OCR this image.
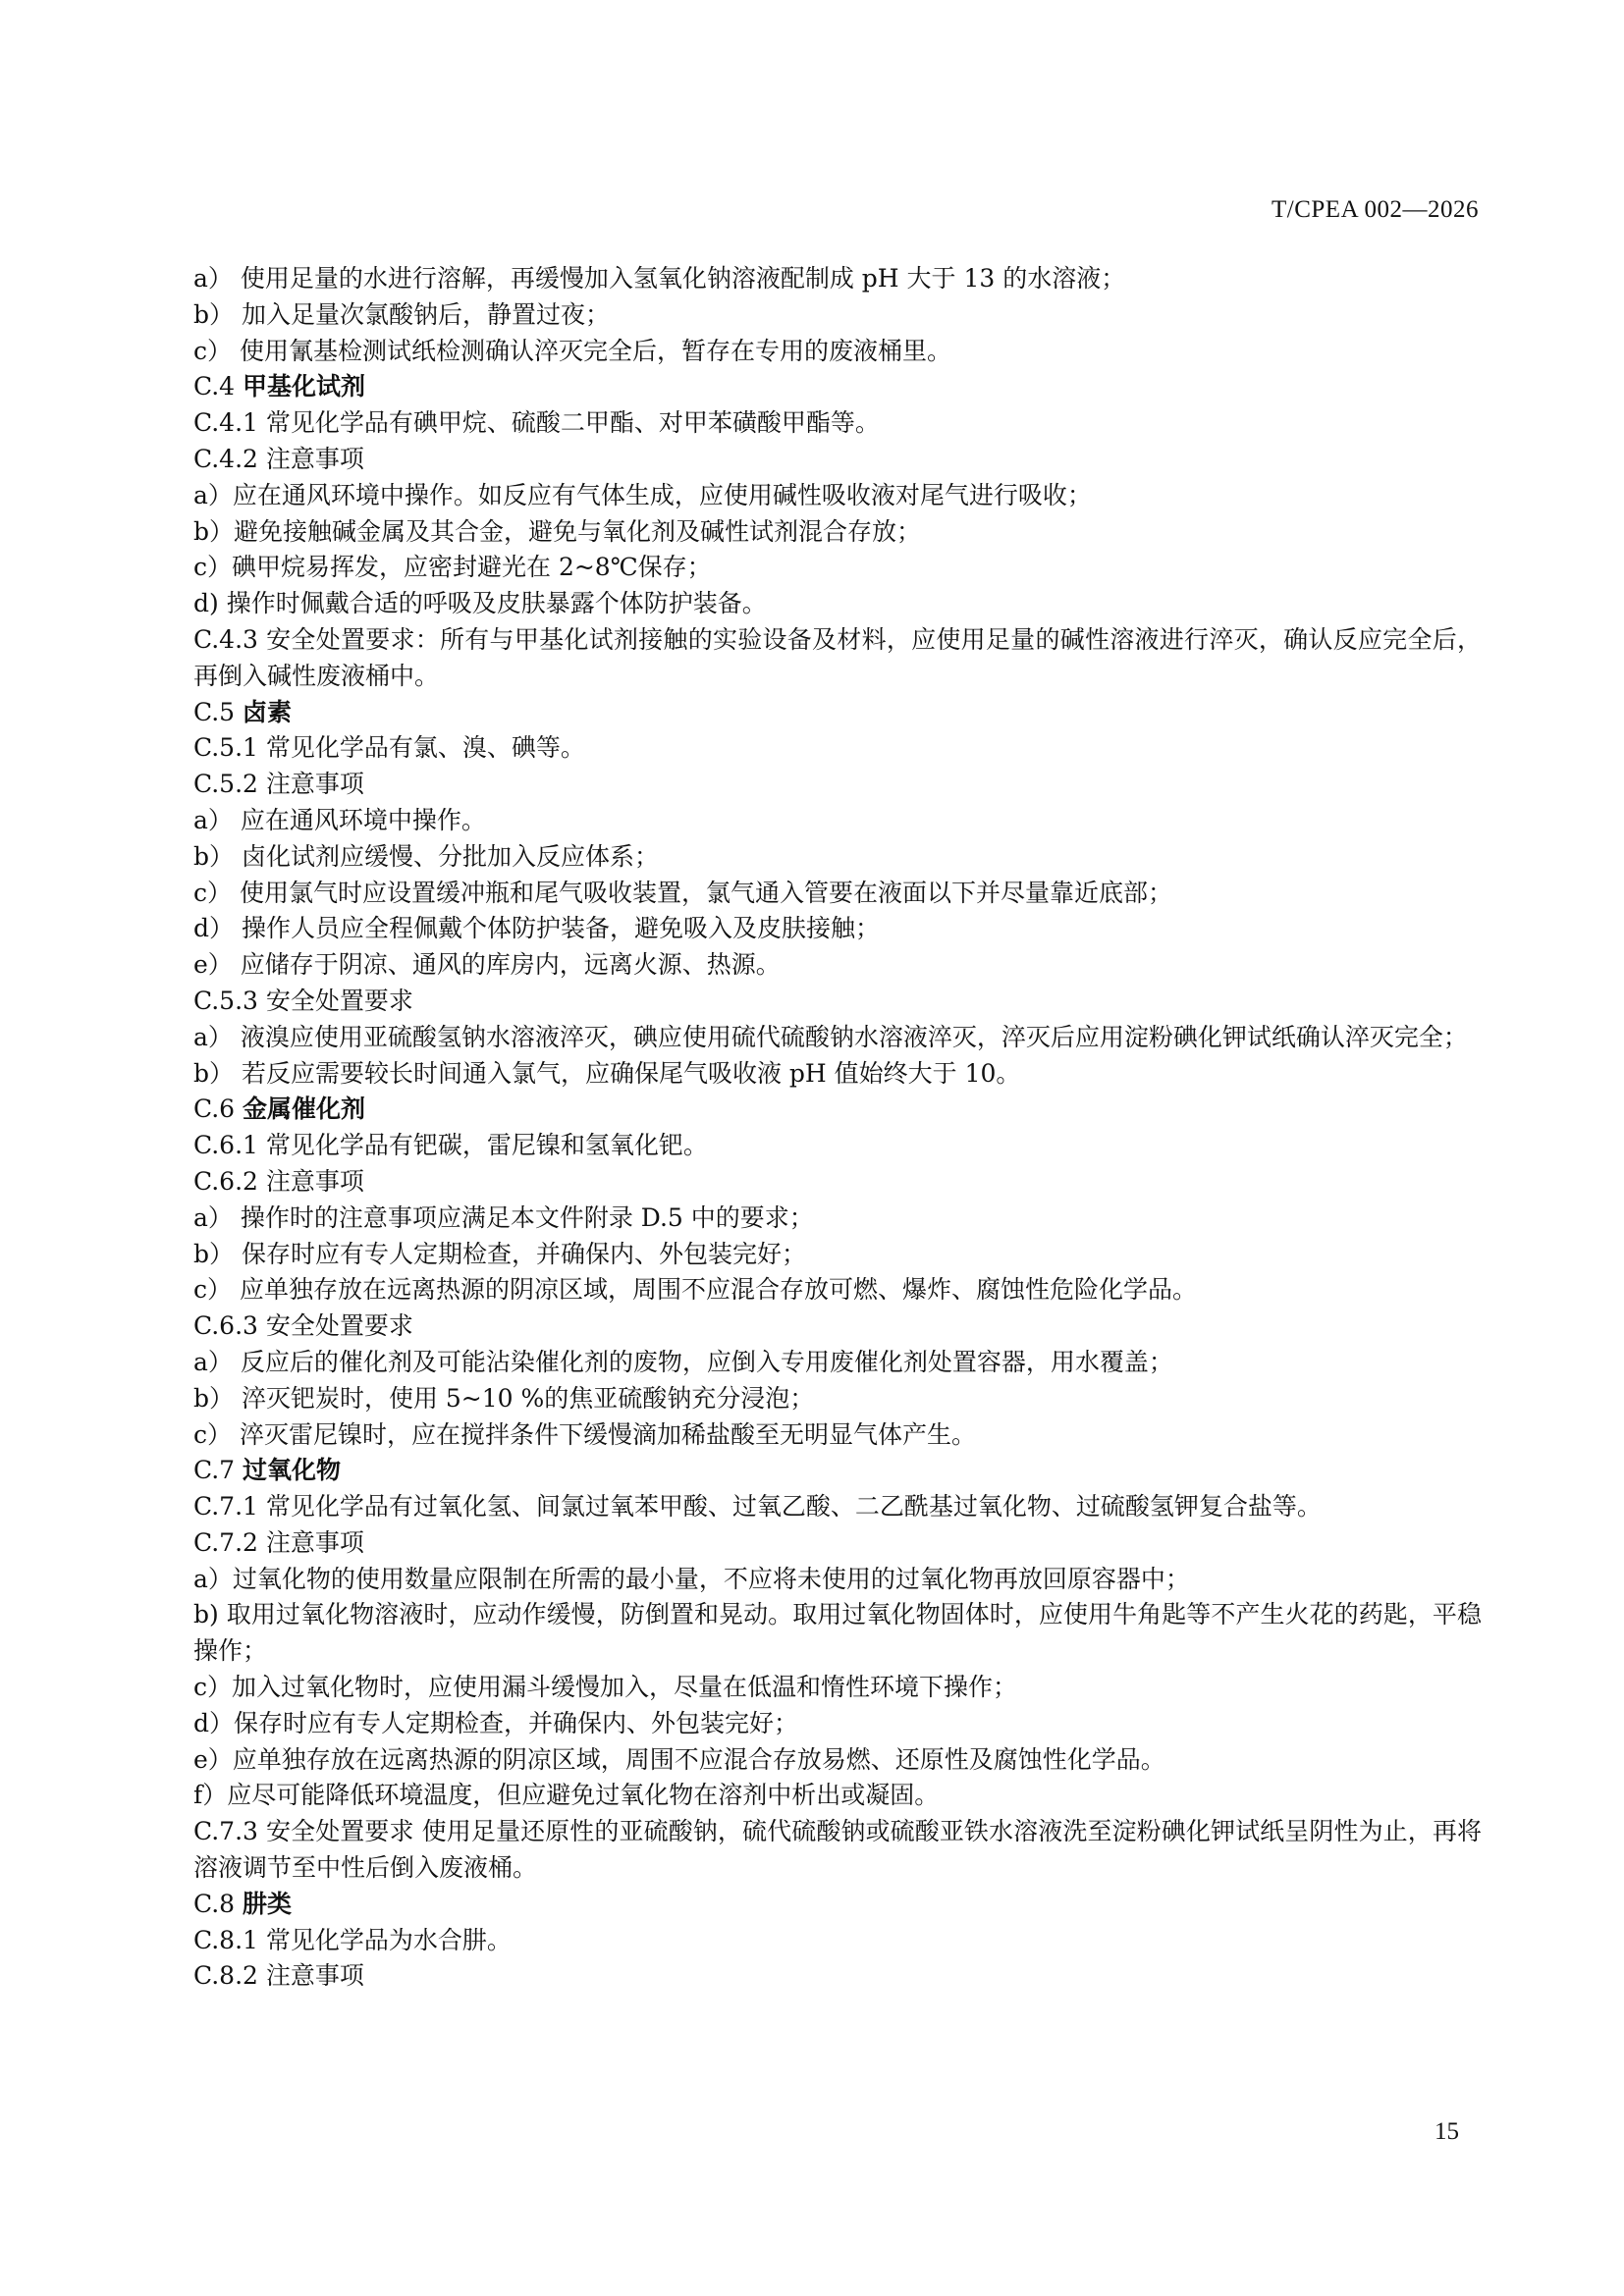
T/CPEA 002—2026

a） 使用足量的水进行溶解，再缓慢加入氢氧化钠溶液配制成 pH 大于 13 的水溶液；

b） 加入足量次氯酸钠后，静置过夜；

c） 使用氰基检测试纸检测确认淬灭完全后，暂存在专用的废液桶里。

C.4 甲基化试剂

C.4.1 常见化学品有碘甲烷、硫酸二甲酯、对甲苯磺酸甲酯等。

C.4.2 注意事项

a）应在通风环境中操作。如反应有气体生成，应使用碱性吸收液对尾气进行吸收；

b）避免接触碱金属及其合金，避免与氧化剂及碱性试剂混合存放；

c）碘甲烷易挥发，应密封避光在 2~8℃保存；

d) 操作时佩戴合适的呼吸及皮肤暴露个体防护装备。

C.4.3 安全处置要求：所有与甲基化试剂接触的实验设备及材料，应使用足量的碱性溶液进行淬灭，确认反应完全后，再倒入碱性废液桶中。

C.5 卤素

C.5.1 常见化学品有氯、溴、碘等。

C.5.2 注意事项

a） 应在通风环境中操作。

b） 卤化试剂应缓慢、分批加入反应体系；

c） 使用氯气时应设置缓冲瓶和尾气吸收装置，氯气通入管要在液面以下并尽量靠近底部；

d） 操作人员应全程佩戴个体防护装备，避免吸入及皮肤接触；

e） 应储存于阴凉、通风的库房内，远离火源、热源。

C.5.3 安全处置要求

a） 液溴应使用亚硫酸氢钠水溶液淬灭，碘应使用硫代硫酸钠水溶液淬灭，淬灭后应用淀粉碘化钾试纸确认淬灭完全；

b） 若反应需要较长时间通入氯气，应确保尾气吸收液 pH 值始终大于 10。

C.6 金属催化剂

C.6.1 常见化学品有钯碳，雷尼镍和氢氧化钯。

C.6.2 注意事项

a） 操作时的注意事项应满足本文件附录 D.5 中的要求；

b） 保存时应有专人定期检查，并确保内、外包装完好；

c） 应单独存放在远离热源的阴凉区域，周围不应混合存放可燃、爆炸、腐蚀性危险化学品。

C.6.3 安全处置要求

a） 反应后的催化剂及可能沾染催化剂的废物，应倒入专用废催化剂处置容器，用水覆盖；

b） 淬灭钯炭时，使用 5~10 %的焦亚硫酸钠充分浸泡；

c） 淬灭雷尼镍时，应在搅拌条件下缓慢滴加稀盐酸至无明显气体产生。

C.7 过氧化物

C.7.1 常见化学品有过氧化氢、间氯过氧苯甲酸、过氧乙酸、二乙酰基过氧化物、过硫酸氢钾复合盐等。

C.7.2 注意事项

a）过氧化物的使用数量应限制在所需的最小量，不应将未使用的过氧化物再放回原容器中；

b) 取用过氧化物溶液时，应动作缓慢，防倒置和晃动。取用过氧化物固体时，应使用牛角匙等不产生火花的药匙，平稳操作；

c）加入过氧化物时，应使用漏斗缓慢加入，尽量在低温和惰性环境下操作；

d）保存时应有专人定期检查，并确保内、外包装完好；

e）应单独存放在远离热源的阴凉区域，周围不应混合存放易燃、还原性及腐蚀性化学品。

f）应尽可能降低环境温度，但应避免过氧化物在溶剂中析出或凝固。

C.7.3 安全处置要求 使用足量还原性的亚硫酸钠，硫代硫酸钠或硫酸亚铁水溶液洗至淀粉碘化钾试纸呈阴性为止，再将溶液调节至中性后倒入废液桶。

C.8 肼类

C.8.1 常见化学品为水合肼。

C.8.2 注意事项

15
